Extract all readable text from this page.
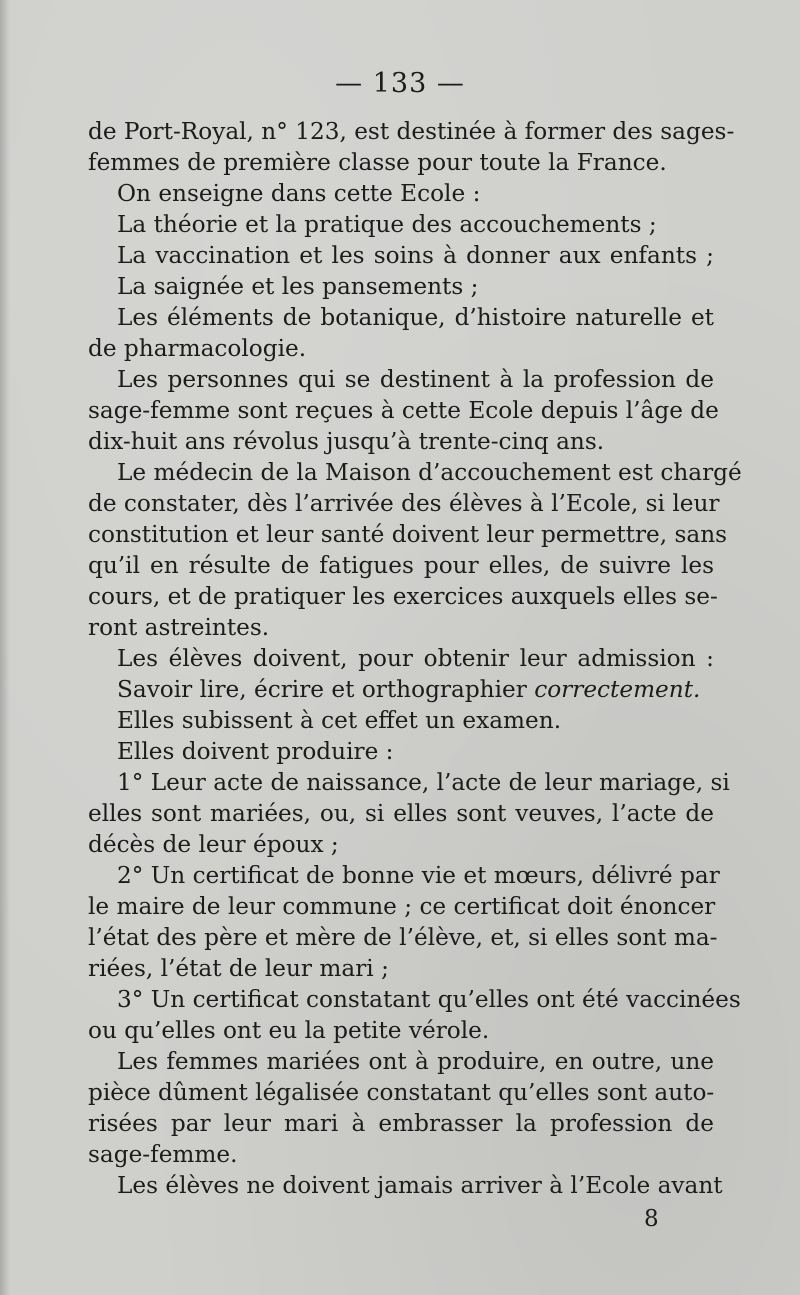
— 133 —
de Port-Royal, n° 123, est destinée à former des sages-
femmes de première classe pour toute la France.
On enseigne dans cette Ecole :
La théorie et la pratique des accouchements ;
La vaccination et les soins à donner aux enfants ;
La saignée et les pansements ;
Les éléments de botanique, d’histoire naturelle et
de pharmacologie.
Les personnes qui se destinent à la profession de
sage-femme sont reçues à cette Ecole depuis l’âge de
dix-huit ans révolus jusqu’à trente-cinq ans.
Le médecin de la Maison d’accouchement est chargé
de constater, dès l’arrivée des élèves à l’Ecole, si leur
constitution et leur santé doivent leur permettre, sans
qu’il en résulte de fatigues pour elles, de suivre les
cours, et de pratiquer les exercices auxquels elles se-
ront astreintes.
Les élèves doivent, pour obtenir leur admission :
Savoir lire, écrire et orthographier correctement.
Elles subissent à cet effet un examen.
Elles doivent produire :
1° Leur acte de naissance, l’acte de leur mariage, si
elles sont mariées, ou, si elles sont veuves, l’acte de
décès de leur époux ;
2° Un certificat de bonne vie et mœurs, délivré par
le maire de leur commune ; ce certificat doit énoncer
l’état des père et mère de l’élève, et, si elles sont ma-
riées, l’état de leur mari ;
3° Un certificat constatant qu’elles ont été vaccinées
ou qu’elles ont eu la petite vérole.
Les femmes mariées ont à produire, en outre, une
pièce dûment légalisée constatant qu’elles sont auto-
risées par leur mari à embrasser la profession de
sage-femme.
Les élèves ne doivent jamais arriver à l’Ecole avant
8
